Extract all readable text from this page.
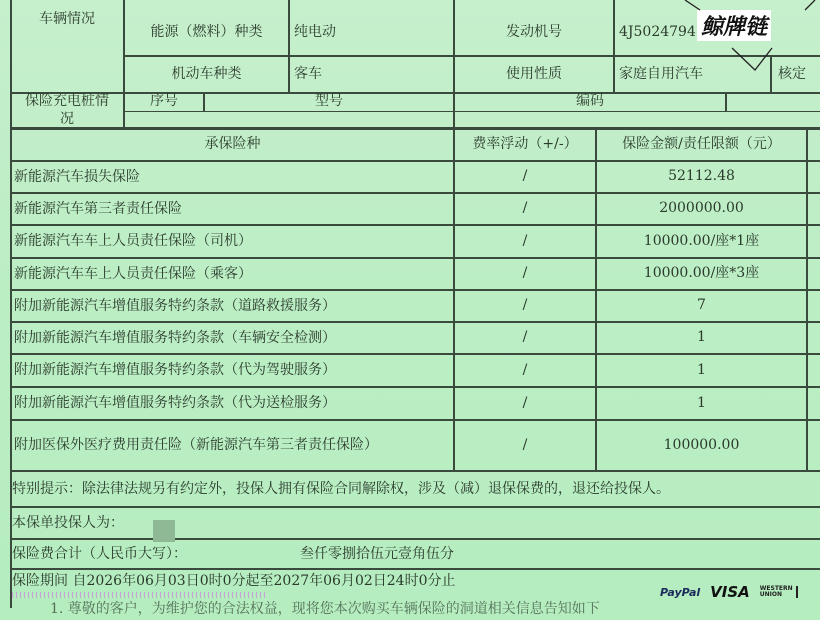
车辆情况
能源（燃料）种类	纯电动	发动机号	4J5024794
机动车种类	客车	使用性质	家庭自用汽车	核定
保险充电桩情况
序号	型号	编码
承保险种	费率浮动（+/-）	保险金额/责任限额（元）
新能源汽车损失保险	/	52112.48
新能源汽车第三者责任保险	/	2000000.00
新能源汽车车上人员责任保险（司机）	/	10000.00/座*1座
新能源汽车车上人员责任保险（乘客）	/	10000.00/座*3座
附加新能源汽车增值服务特约条款（道路救援服务）	/	7
附加新能源汽车增值服务特约条款（车辆安全检测）	/	1
附加新能源汽车增值服务特约条款（代为驾驶服务）	/	1
附加新能源汽车增值服务特约条款（代为送检服务）	/	1
附加医保外医疗费用责任险（新能源汽车第三者责任保险）	/	100000.00
特别提示：除法律法规另有约定外，投保人拥有保险合同解除权，涉及（减）退保保费的，退还给投保人。
本保单投保人为：
保险费合计（人民币大写）：	叁仟零捌拾伍元壹角伍分
保险期间 自2026年06月03日0时0分起至2027年06月02日24时0分止
1. 尊敬的客户，为维护您的合法权益，现将您本次购买车辆保险的洞道相关信息告知如下
PayPal VISA WESTERN UNION
鲸牌链
